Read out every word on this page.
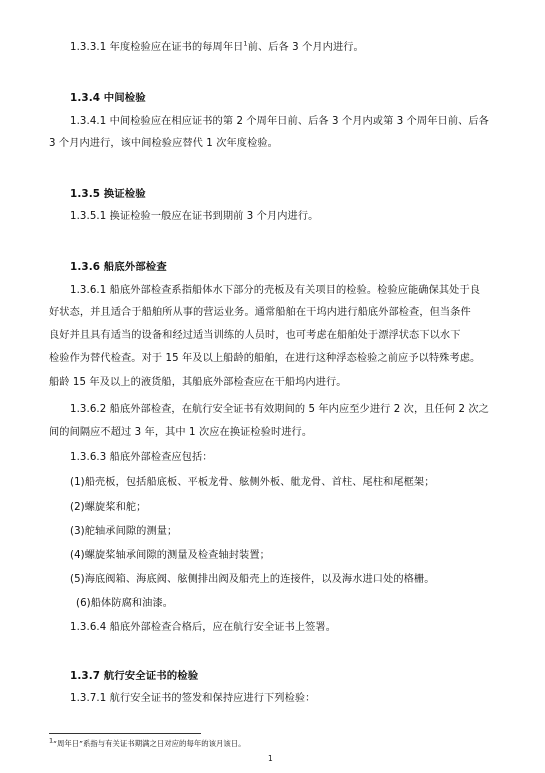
1.3.3.1 年度检验应在证书的每周年日$^1$前、后各 3 个月内进行。
1.3.4 中间检验
1.3.4.1 中间检验应在相应证书的第 2 个周年日前、后各 3 个月内或第 3 个周年日前、后各
3 个月内进行，该中间检验应替代 1 次年度检验。
1.3.5 换证检验
1.3.5.1 换证检验一般应在证书到期前 3 个月内进行。
1.3.6 船底外部检查
1.3.6.1 船底外部检查系指船体水下部分的壳板及有关项目的检验。检验应能确保其处于良
好状态，并且适合于船舶所从事的营运业务。通常船舶在干坞内进行船底外部检查，但当条件
良好并且具有适当的设备和经过适当训练的人员时，也可考虑在船舶处于漂浮状态下以水下
检验作为替代检查。对于 15 年及以上船龄的船舶，在进行这种浮态检验之前应予以特殊考虑。
船龄 15 年及以上的液货船，其船底外部检查应在干船坞内进行。
1.3.6.2 船底外部检查，在航行安全证书有效期间的 5 年内应至少进行 2 次，且任何 2 次之
间的间隔应不超过 3 年，其中 1 次应在换证检验时进行。
1.3.6.3 船底外部检查应包括：
(1)船壳板，包括船底板、平板龙骨、舷侧外板、舭龙骨、首柱、尾柱和尾框架；
(2)螺旋桨和舵；
(3)舵轴承间隙的测量；
(4)螺旋桨轴承间隙的测量及检查轴封装置；
(5)海底阀箱、海底阀、舷侧排出阀及船壳上的连接件，以及海水进口处的格栅。
(6)船体防腐和油漆。
1.3.6.4 船底外部检查合格后，应在航行安全证书上签署。
1.3.7 航行安全证书的检验
1.3.7.1 航行安全证书的签发和保持应进行下列检验：
1“周年日”系指与有关证书期满之日对应的每年的该月该日。
1
